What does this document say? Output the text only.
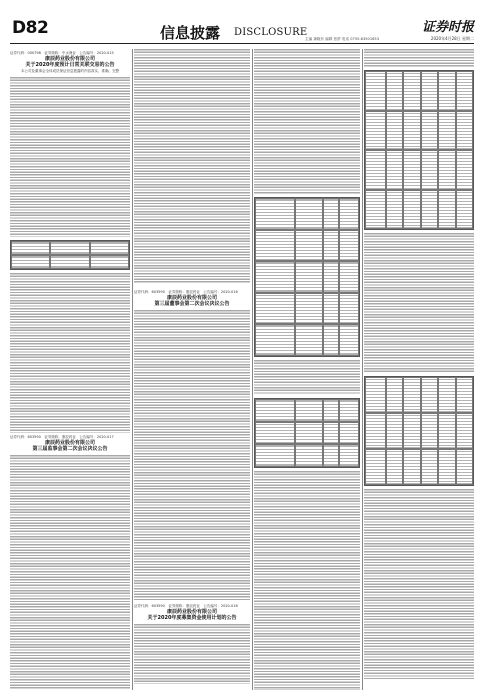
D82	信息披露 DISCLOSURE	证券时报
2020年4月28日 星期二
主编 龚晓东 编辑 张舒 电话 0755-83501653
证券代码：000798　证券简称：中水渔业　公告编号：2020-015
康辰药业股份有限公司
关于2020年度预计日常关联交易的公告
本公司及董事会全体成员保证信息披露的内容真实、准确、完整
证券代码：603590　证券简称：康辰药业　公告编号：2020-017
康辰药业股份有限公司
第三届监事会第二次会议决议公告
证券代码：603590　证券简称：康辰药业　公告编号：2020-016
康辰药业股份有限公司
第三届董事会第二次会议决议公告
证券代码：603590　证券简称：康辰药业　公告编号：2020-018
康辰药业股份有限公司
关于2020年度募集资金使用计划的公告
